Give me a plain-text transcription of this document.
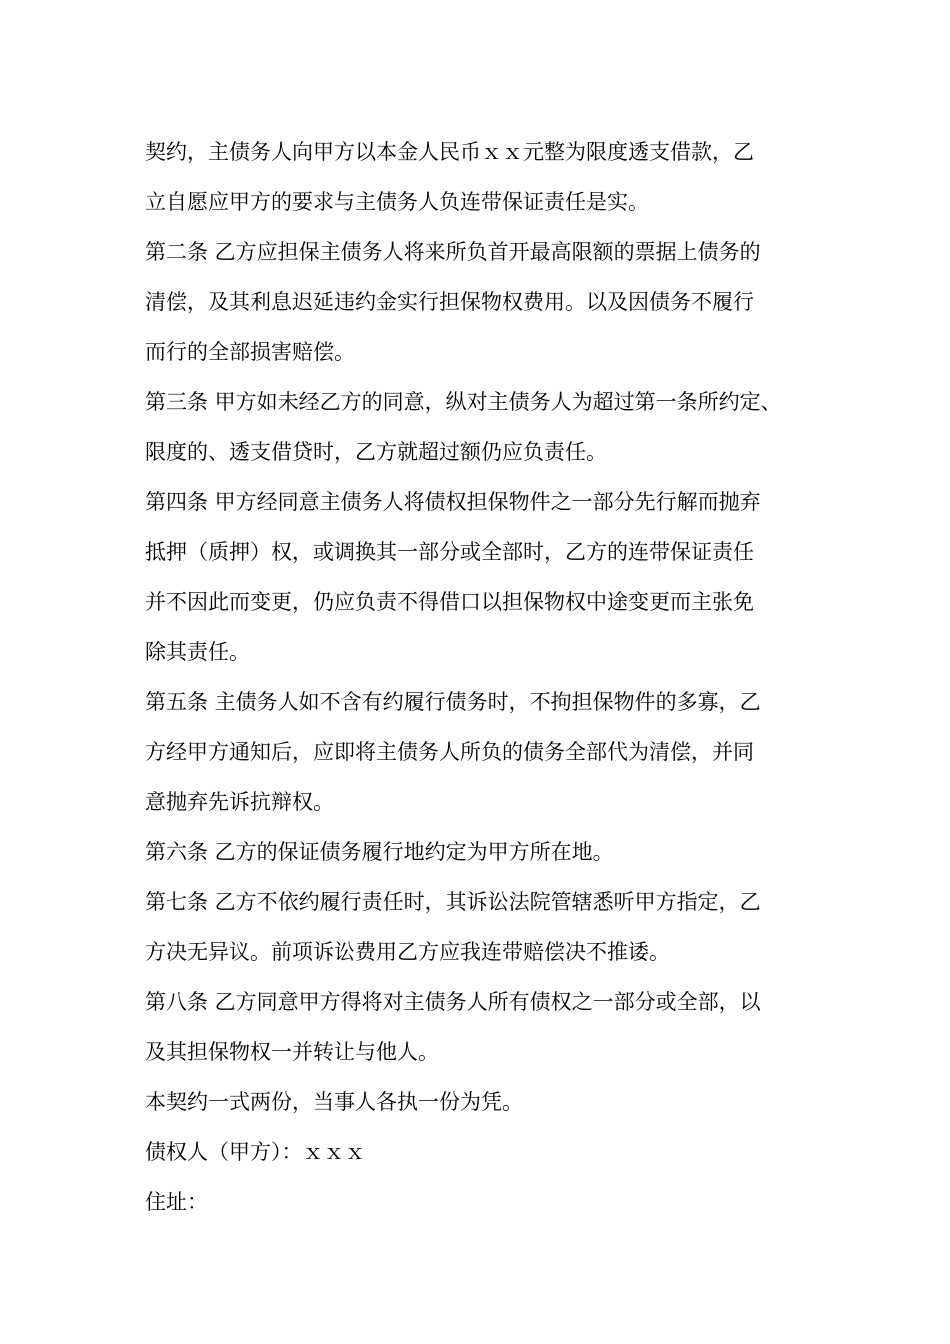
契约，主债务人向甲方以本金人民币ｘｘ元整为限度透支借款，乙
立自愿应甲方的要求与主债务人负连带保证责任是实。
第二条 乙方应担保主债务人将来所负首开最高限额的票据上债务的
清偿，及其利息迟延违约金实行担保物权费用。以及因债务不履行
而行的全部损害赔偿。
第三条 甲方如未经乙方的同意，纵对主债务人为超过第一条所约定、
限度的、透支借贷时，乙方就超过额仍应负责任。
第四条 甲方经同意主债务人将债权担保物件之一部分先行解而抛弃
抵押（质押）权，或调换其一部分或全部时，乙方的连带保证责任
并不因此而变更，仍应负责不得借口以担保物权中途变更而主张免
除其责任。
第五条 主债务人如不含有约履行债务时，不拘担保物件的多寡，乙
方经甲方通知后，应即将主债务人所负的债务全部代为清偿，并同
意抛弃先诉抗辩权。
第六条 乙方的保证债务履行地约定为甲方所在地。
第七条 乙方不依约履行责任时，其诉讼法院管辖悉听甲方指定，乙
方决无异议。前项诉讼费用乙方应我连带赔偿决不推诿。
第八条 乙方同意甲方得将对主债务人所有债权之一部分或全部，以
及其担保物权一并转让与他人。
本契约一式两份，当事人各执一份为凭。
债权人（甲方）：ｘｘｘ
住址：
